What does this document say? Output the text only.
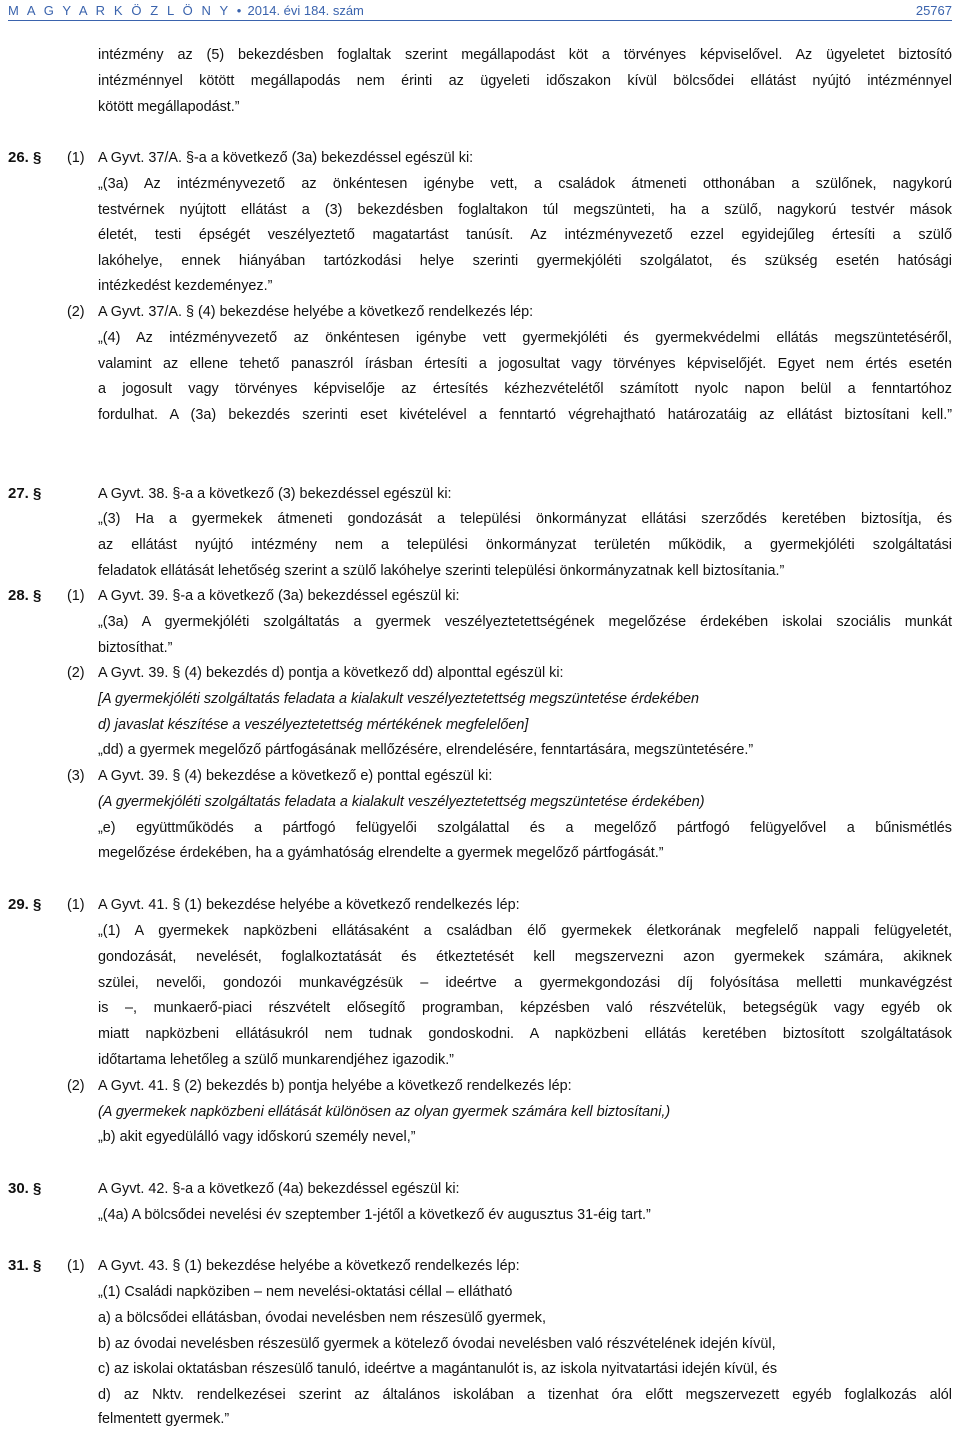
M A G Y A R K Ö Z L Ö N Y • 2014. évi 184. szám	25767
26. § (1)
(2)
27. §
28. § (1)
(2)
(3)
29. § (1)
(2)
30. §
31. § (1)
intézmény az (5) bekezdésben foglaltak szerint megállapodást köt a törvényes képviselővel. Az ügyeletet biztosító
intézménnyel kötött megállapodás nem érinti az ügyeleti időszakon kívül bölcsődei ellátást nyújtó intézménnyel
kötött megállapodást.”
A Gyvt. 37/A. §-a a következő (3a) bekezdéssel egészül ki:
„(3a) Az intézményvezető az önkéntesen igénybe vett, a családok átmeneti otthonában a szülőnek, nagykorú
testvérnek nyújtott ellátást a (3) bekezdésben foglaltakon túl megszünteti, ha a szülő, nagykorú testvér mások
életét, testi épségét veszélyeztető magatartást tanúsít. Az intézményvezető ezzel egyidejűleg értesíti a szülő
lakóhelye, ennek hiányában tartózkodási helye szerinti gyermekjóléti szolgálatot, és szükség esetén hatósági
intézkedést kezdeményez.”
A Gyvt. 37/A. § (4) bekezdése helyébe a következő rendelkezés lép:
„(4) Az intézményvezető az önkéntesen igénybe vett gyermekjóléti és gyermekvédelmi ellátás megszüntetéséről,
valamint az ellene tehető panaszról írásban értesíti a jogosultat vagy törvényes képviselőjét. Egyet nem értés esetén
a jogosult vagy törvényes képviselője az értesítés kézhezvételétől számított nyolc napon belül a fenntartóhoz
fordulhat. A (3a) bekezdés szerinti eset kivételével a fenntartó végrehajtható határozatáig az ellátást biztosítani kell.”
A Gyvt. 38. §-a a következő (3) bekezdéssel egészül ki:
„(3) Ha a gyermekek átmeneti gondozását a települési önkormányzat ellátási szerződés keretében biztosítja, és
az ellátást nyújtó intézmény nem a települési önkormányzat területén működik, a gyermekjóléti szolgáltatási
feladatok ellátását lehetőség szerint a szülő lakóhelye szerinti települési önkormányzatnak kell biztosítania.”
A Gyvt. 39. §-a a következő (3a) bekezdéssel egészül ki:
„(3a) A gyermekjóléti szolgáltatás a gyermek veszélyeztetettségének megelőzése érdekében iskolai szociális munkát
biztosíthat.”
A Gyvt. 39. § (4) bekezdés d) pontja a következő dd) alponttal egészül ki:
[A gyermekjóléti szolgáltatás feladata a kialakult veszélyeztetettség megszüntetése érdekében
d) javaslat készítése a veszélyeztetettség mértékének megfelelően]
„dd) a gyermek megelőző pártfogásának mellőzésére, elrendelésére, fenntartására, megszüntetésére.”
A Gyvt. 39. § (4) bekezdése a következő e) ponttal egészül ki:
(A gyermekjóléti szolgáltatás feladata a kialakult veszélyeztetettség megszüntetése érdekében)
„e) együttműködés a pártfogó felügyelői szolgálattal és a megelőző pártfogó felügyelővel a bűnismétlés
megelőzése érdekében, ha a gyámhatóság elrendelte a gyermek megelőző pártfogását.”
A Gyvt. 41. § (1) bekezdése helyébe a következő rendelkezés lép:
„(1) A gyermekek napközbeni ellátásaként a családban élő gyermekek életkorának megfelelő nappali felügyeletét,
gondozását, nevelését, foglalkoztatását és étkeztetését kell megszervezni azon gyermekek számára, akiknek
szülei, nevelői, gondozói munkavégzésük – ideértve a gyermekgondozási díj folyósítása melletti munkavégzést
is –, munkaerő-piaci részvételt elősegítő programban, képzésben való részvételük, betegségük vagy egyéb ok
miatt napközbeni ellátásukról nem tudnak gondoskodni. A napközbeni ellátás keretében biztosított szolgáltatások
időtartama lehetőleg a szülő munkarendjéhez igazodik.”
A Gyvt. 41. § (2) bekezdés b) pontja helyébe a következő rendelkezés lép:
(A gyermekek napközbeni ellátását különösen az olyan gyermek számára kell biztosítani,)
„b) akit egyedülálló vagy időskorú személy nevel,”
A Gyvt. 42. §-a a következő (4a) bekezdéssel egészül ki:
„(4a) A bölcsődei nevelési év szeptember 1-jétől a következő év augusztus 31-éig tart.”
A Gyvt. 43. § (1) bekezdése helyébe a következő rendelkezés lép:
„(1) Családi napköziben – nem nevelési-oktatási céllal – ellátható
a) a bölcsődei ellátásban, óvodai nevelésben nem részesülő gyermek,
b) az óvodai nevelésben részesülő gyermek a kötelező óvodai nevelésben való részvételének idején kívül,
c) az iskolai oktatásban részesülő tanuló, ideértve a magántanulót is, az iskola nyitvatartási idején kívül, és
d) az Nktv. rendelkezései szerint az általános iskolában a tizenhat óra előtt megszervezett egyéb foglalkozás alól
felmentett gyermek.”
